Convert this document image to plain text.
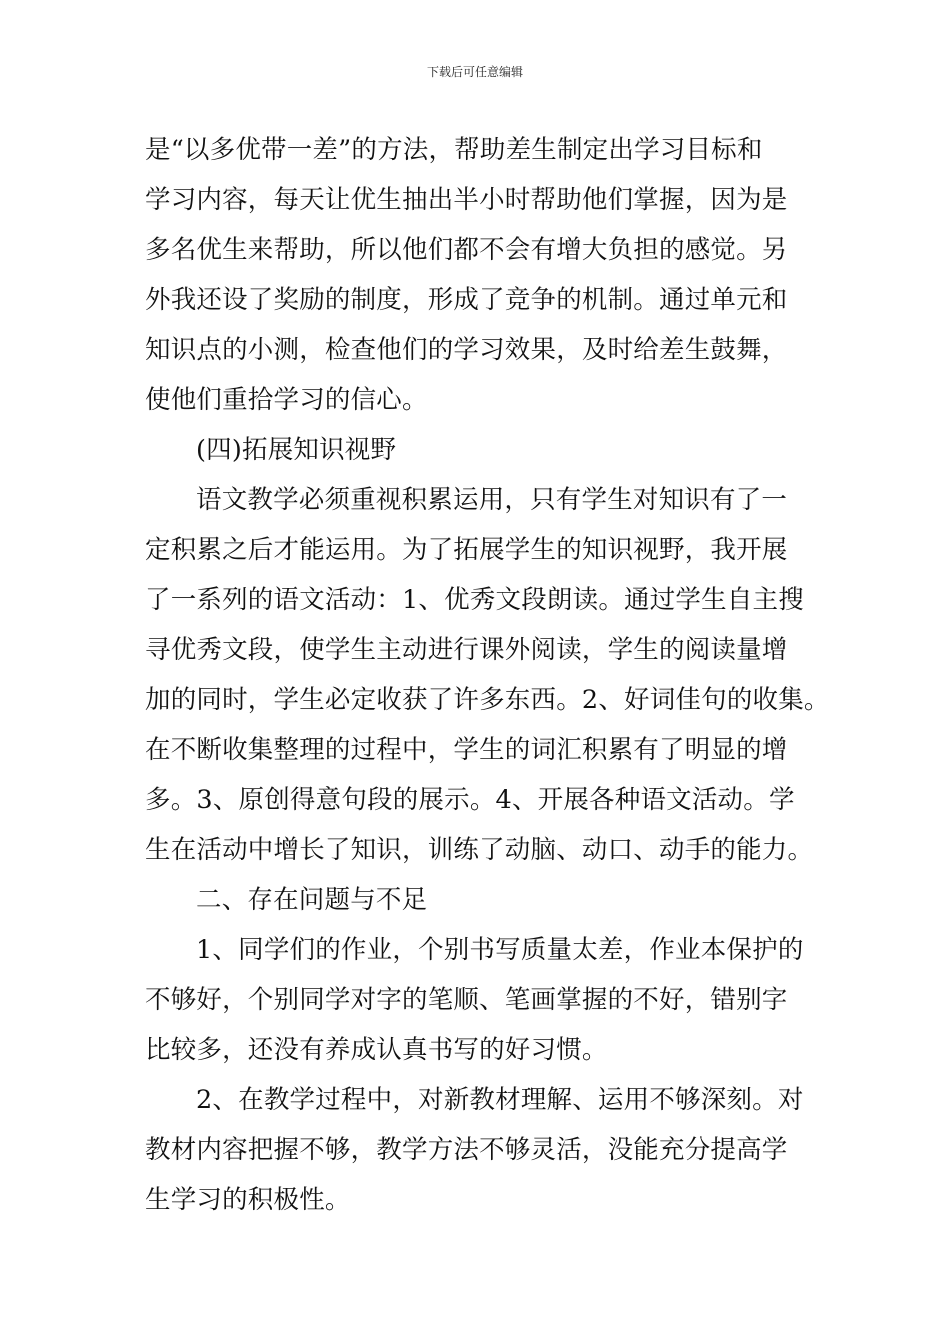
下载后可任意编辑

是“以多优带一差”的方法，帮助差生制定出学习目标和
学习内容，每天让优生抽出半小时帮助他们掌握，因为是
多名优生来帮助，所以他们都不会有增大负担的感觉。另
外我还设了奖励的制度，形成了竞争的机制。通过单元和
知识点的小测，检查他们的学习效果，及时给差生鼓舞，
使他们重拾学习的信心。

(四)拓展知识视野

语文教学必须重视积累运用，只有学生对知识有了一
定积累之后才能运用。为了拓展学生的知识视野，我开展
了一系列的语文活动：1、优秀文段朗读。通过学生自主搜
寻优秀文段，使学生主动进行课外阅读，学生的阅读量增
加的同时，学生必定收获了许多东西。2、好词佳句的收集。
在不断收集整理的过程中，学生的词汇积累有了明显的增
多。3、原创得意句段的展示。4、开展各种语文活动。学
生在活动中增长了知识，训练了动脑、动口、动手的能力。

二、存在问题与不足

1、同学们的作业，个别书写质量太差，作业本保护的
不够好，个别同学对字的笔顺、笔画掌握的不好，错别字
比较多，还没有养成认真书写的好习惯。

2、在教学过程中，对新教材理解、运用不够深刻。对
教材内容把握不够，教学方法不够灵活，没能充分提高学
生学习的积极性。
